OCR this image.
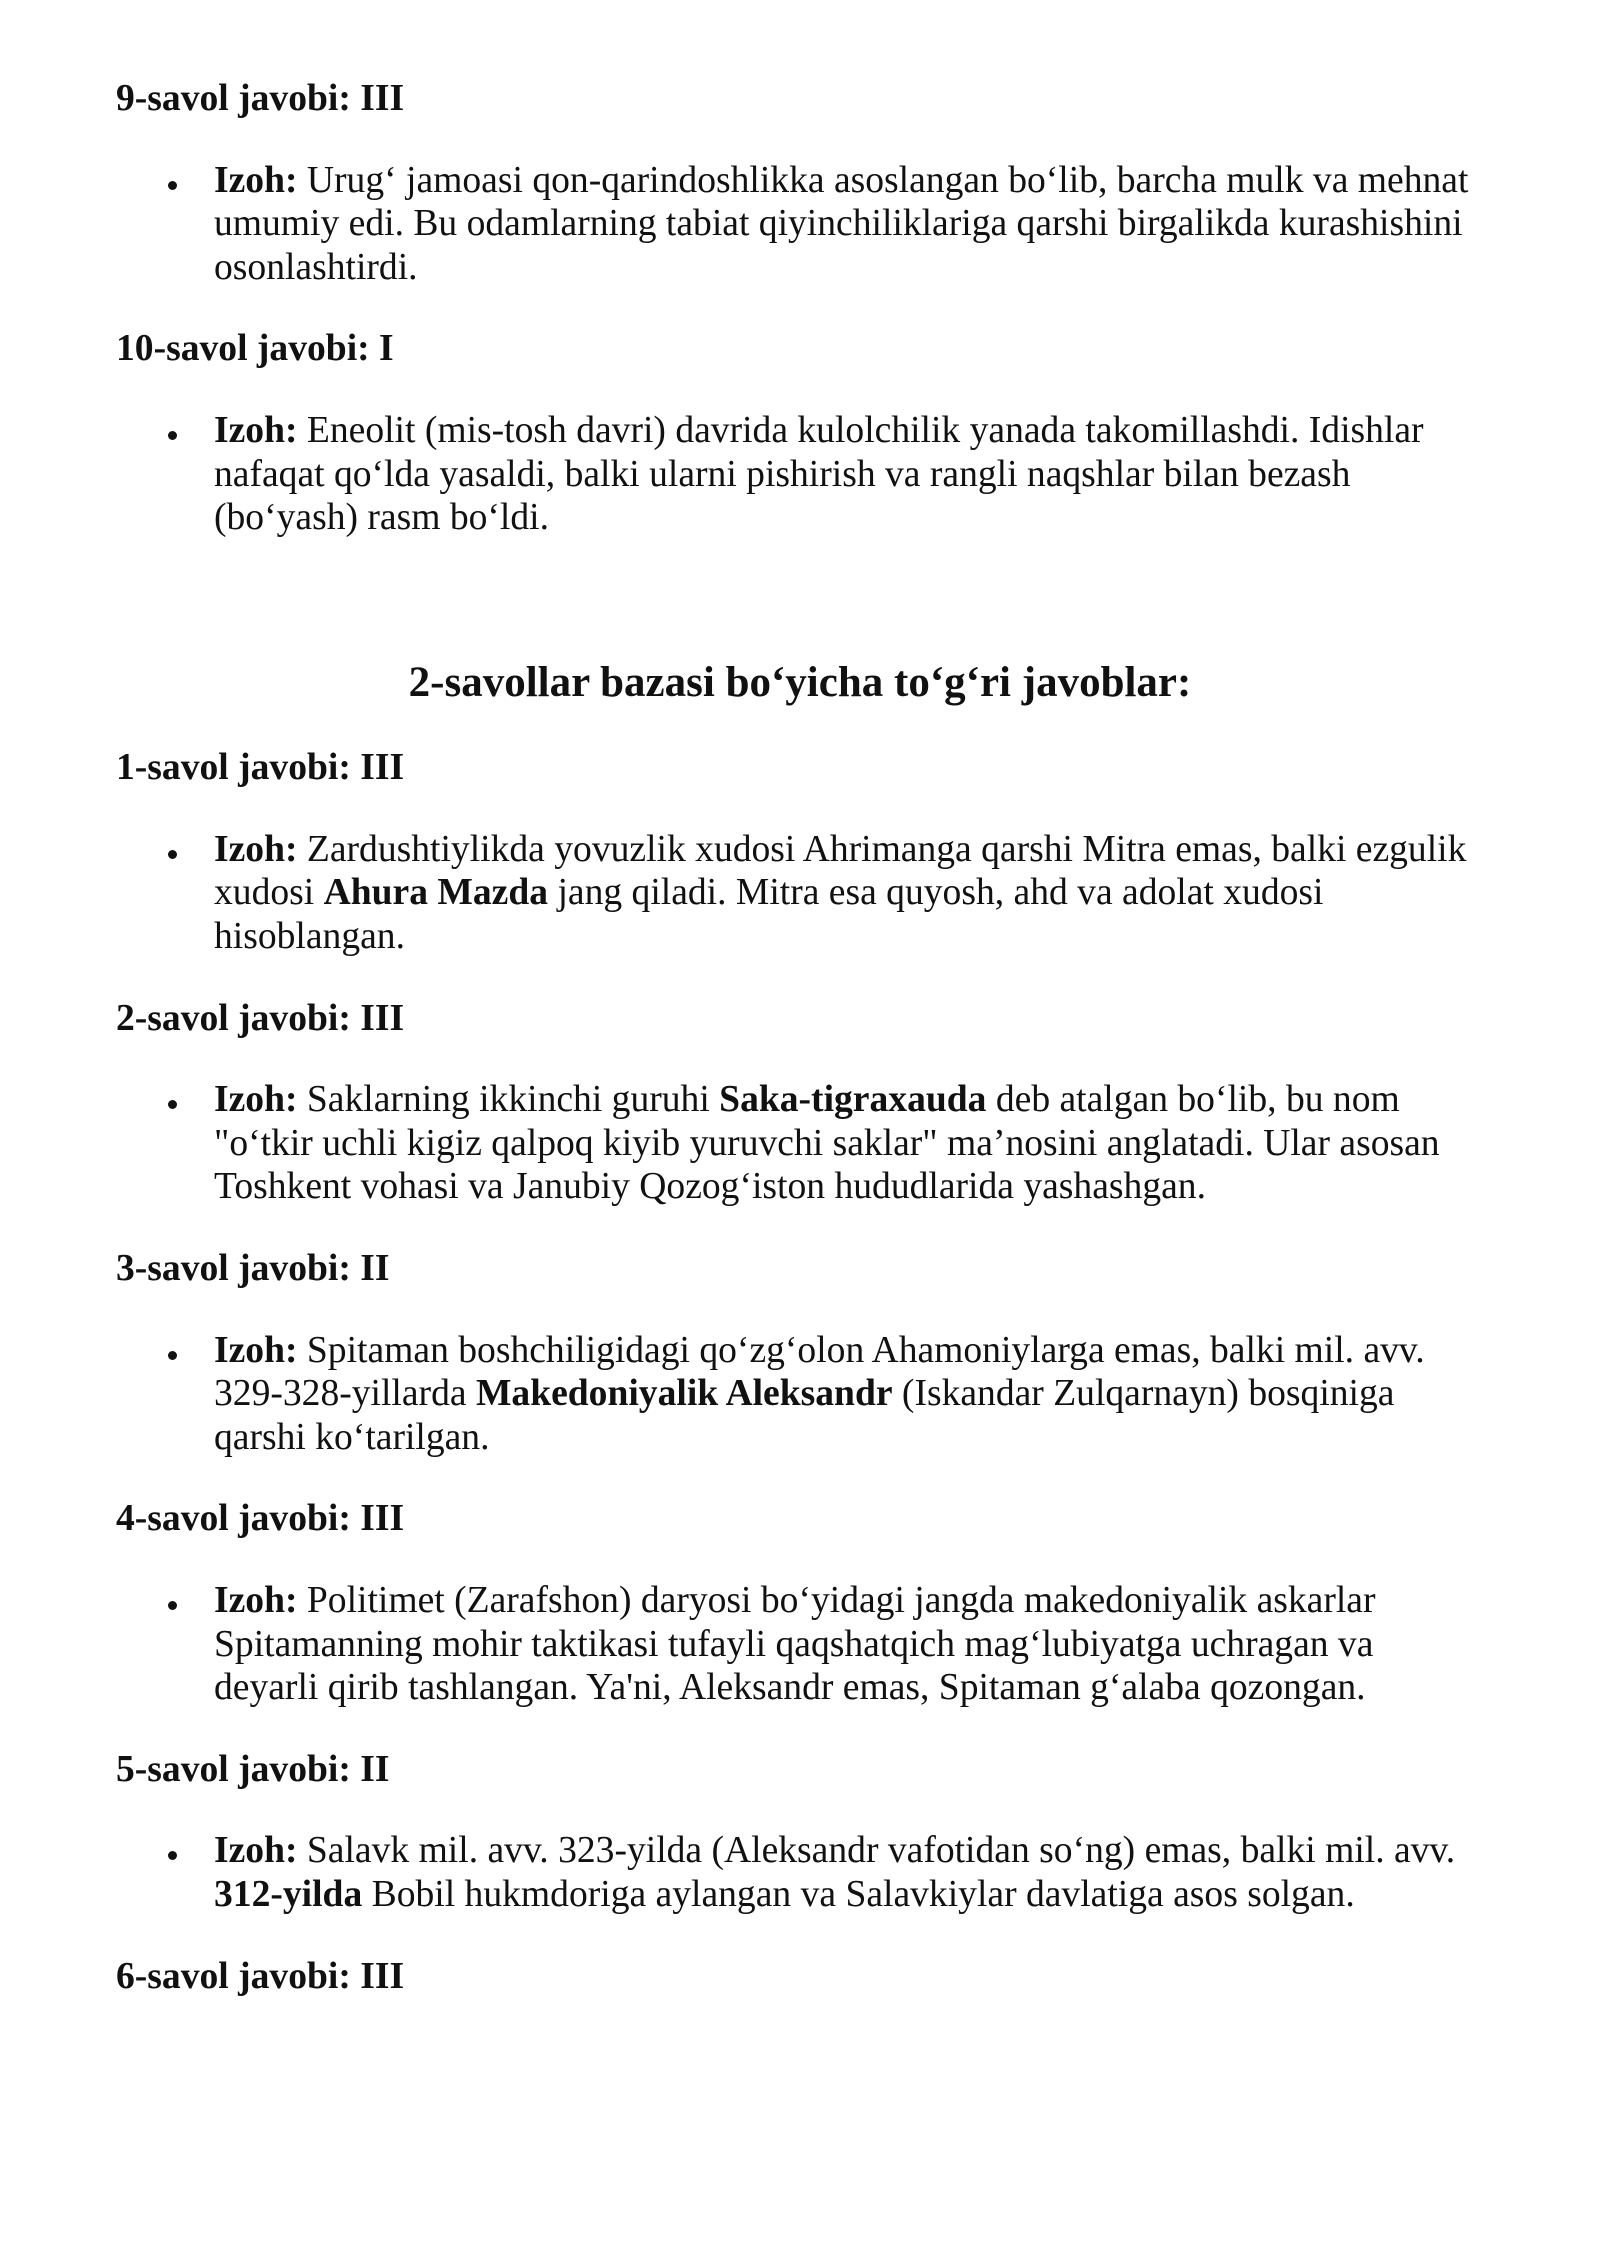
9-savol javobi: III

Izoh: Urug‘ jamoasi qon-qarindoshlikka asoslangan bo‘lib, barcha mulk va mehnat
umumiy edi. Bu odamlarning tabiat qiyinchiliklariga qarshi birgalikda kurashishini
osonlashtirdi.

10-savol javobi: I

Izoh: Eneolit (mis-tosh davri) davrida kulolchilik yanada takomillashdi. Idishlar
nafaqat qo‘lda yasaldi, balki ularni pishirish va rangli naqshlar bilan bezash
(bo‘yash) rasm bo‘ldi.

2-savollar bazasi bo‘yicha to‘g‘ri javoblar:
1-savol javobi: III

Izoh: Zardushtiylikda yovuzlik xudosi Ahrimanga qarshi Mitra emas, balki ezgulik
xudosi Ahura Mazda jang qiladi. Mitra esa quyosh, ahd va adolat xudosi
hisoblangan.

2-savol javobi: III

Izoh: Saklarning ikkinchi guruhi Saka-tigraxauda deb atalgan bo‘lib, bu nom
"o‘tkir uchli kigiz qalpoq kiyib yuruvchi saklar" ma’nosini anglatadi. Ular asosan
Toshkent vohasi va Janubiy Qozog‘iston hududlarida yashashgan.

3-savol javobi: II

Izoh: Spitaman boshchiligidagi qo‘zg‘olon Ahamoniylarga emas, balki mil. avv.
329-328-yillarda Makedoniyalik Aleksandr (Iskandar Zulqarnayn) bosqiniga
qarshi ko‘tarilgan.

4-savol javobi: III

Izoh: Politimet (Zarafshon) daryosi bo‘yidagi jangda makedoniyalik askarlar
Spitamanning mohir taktikasi tufayli qaqshatqich mag‘lubiyatga uchragan va
deyarli qirib tashlangan. Ya'ni, Aleksandr emas, Spitaman g‘alaba qozongan.

5-savol javobi: II

Izoh: Salavk mil. avv. 323-yilda (Aleksandr vafotidan so‘ng) emas, balki mil. avv.
312-yilda Bobil hukmdoriga aylangan va Salavkiylar davlatiga asos solgan.

6-savol javobi: III
